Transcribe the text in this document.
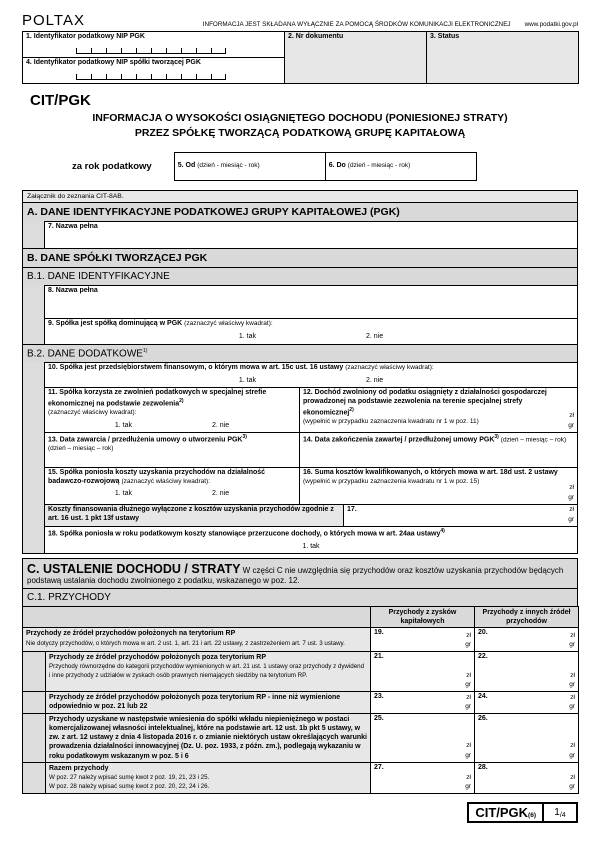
POLTAX	INFORMACJA JEST SKŁADANA WYŁĄCZNIE ZA POMOCĄ ŚRODKÓW KOMUNIKACJI ELEKTRONICZNEJ www.podatki.gov.pl
1. Identyfikator podatkowy NIP PGK	2. Nr dokumentu	3. Status

4. Identyfikator podatkowy NIP spółki tworzącej PGK
CIT/PGK
INFORMACJA O WYSOKOŚCI OSIĄGNIĘTEGO DOCHODU (PONIESIONEJ STRATY)
PRZEZ SPÓŁKĘ TWORZĄCĄ PODATKOWĄ GRUPĘ KAPITAŁOWĄ
za rok podatkowy	5. Od (dzień - miesiąc - rok)	6. Do (dzień - miesiąc - rok)
Załącznik do zeznania CIT-8AB.
A. DANE IDENTYFIKACYJNE PODATKOWEJ GRUPY KAPITAŁOWEJ (PGK)
7. Nazwa pełna
B. DANE SPÓŁKI TWORZĄCEJ PGK
B.1. DANE IDENTYFIKACYJNE
8. Nazwa pełna
9. Spółka jest spółką dominującą w PGK (zaznaczyć właściwy kwadrat):
1. tak	2. nie
B.2. DANE DODATKOWE$^{1)}$
10. Spółka jest przedsiębiorstwem finansowym, o którym mowa w art. 15c ust. 16 ustawy (zaznaczyć właściwy kwadrat):
1. tak	2. nie
11. Spółka korzysta ze zwolnień podatkowych w specjalnej strefie ekonomicznej na podstawie zezwolenia$^{2)}$
(zaznaczyć właściwy kwadrat):
1. tak	2. nie
12. Dochód zwolniony od podatku osiągnięty z działalności gospodarczej prowadzonej na podstawie zezwolenia na terenie specjalnej strefy ekonomicznej$^{2)}$
(wypełnić w przypadku zaznaczenia kwadratu nr 1 w poz. 11)
zł
gr
13. Data zawarcia / przedłużenia umowy o utworzeniu PGK$^{3)}$
(dzień – miesiąc – rok)
14. Data zakończenia zawartej / przedłużonej umowy PGK$^{3)}$ (dzień – miesiąc – rok)
15. Spółka poniosła koszty uzyskania przychodów na działalność badawczo-rozwojową (zaznaczyć właściwy kwadrat):
1. tak	2. nie
16. Suma kosztów kwalifikowanych, o których mowa w art. 18d ust. 2 ustawy
(wypełnić w przypadku zaznaczenia kwadratu nr 1 w poz. 15)
zł
gr
Koszty finansowania dłużnego wyłączone z kosztów uzyskania przychodów zgodnie z art. 16 ust. 1 pkt 13f ustawy
17.	zł
gr
18. Spółka poniosła w roku podatkowym koszty stanowiące przerzucone dochody, o których mowa w art. 24aa ustawy$^{4)}$
1. tak
C. USTALENIE DOCHODU / STRATY W części C nie uwzględnia się przychodów oraz kosztów uzyskania przychodów będących podstawą ustalania dochodu zwolnionego z podatku, wskazanego w poz. 12.
C.1. PRZYCHODY
		Przychody z zysków kapitałowych	Przychody z innych źródeł przychodów

Przychody ze źródeł przychodów położonych na terytorium RP
Nie dotyczy przychodów, o których mowa w art. 2 ust. 1, art. 21 i art. 22 ustawy, z zastrzeżeniem art. 7 ust. 3 ustawy.

19.	zł
gr

20.	zł
gr

Przychody ze źródeł przychodów położonych poza terytorium RP
Przychody równorzędne do kategorii przychodów wymienionych w art. 21 ust. 1 ustawy oraz przychody z dywidend i inne przychody z udziałów w zyskach osób prawnych niemających siedziby na terytorium RP.

21.
zł
gr

22.
zł
gr

Przychody ze źródeł przychodów położonych poza terytorium RP - inne niż wymienione odpowiednio w poz. 21 lub 22

23.	zł
gr

24.	zł
gr

Przychody uzyskane w następstwie wniesienia do spółki wkładu niepieniężnego w postaci komercjalizowanej własności intelektualnej, które na podstawie art. 12 ust. 1b pkt 5 ustawy, w zw. z art. 12 ustawy z dnia 4 listopada 2016 r. o zmianie niektórych ustaw określających warunki prowadzenia działalności innowacyjnej (Dz. U. poz. 1933, z późn. zm.), podlegają wykazaniu w roku podatkowym wskazanym w poz. 5 i 6

25.
zł
gr

26.
zł
gr

Razem przychody
W poz. 27 należy wpisać sumę kwot z poz. 19, 21, 23 i 25.
W poz. 28 należy wpisać sumę kwot z poz. 20, 22, 24 i 26.

27.
zł
gr

28.
zł
gr
CIT/PGK (6) 1 /4
